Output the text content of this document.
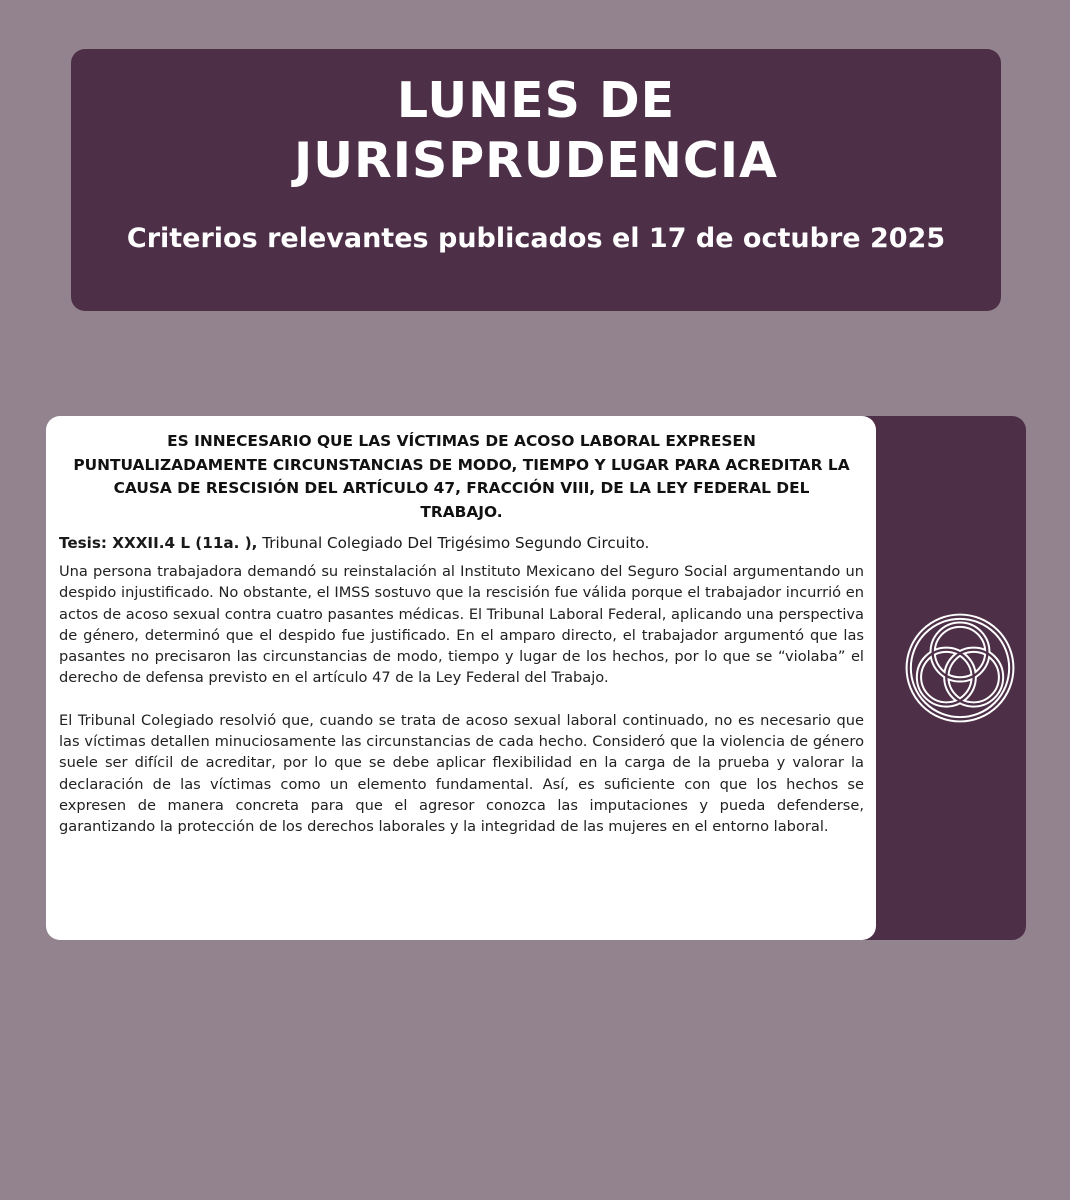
LUNES DE
JURISPRUDENCIA

Criterios relevantes publicados el 17 de octubre 2025

ES INNECESARIO QUE LAS VÍCTIMAS DE ACOSO LABORAL EXPRESEN PUNTUALIZADAMENTE CIRCUNSTANCIAS DE MODO, TIEMPO Y LUGAR PARA ACREDITAR LA CAUSA DE RESCISIÓN DEL ARTÍCULO 47, FRACCIÓN VIII, DE LA LEY FEDERAL DEL TRABAJO.

Tesis: XXXII.4 L (11a. ), Tribunal Colegiado Del Trigésimo Segundo Circuito.

Una persona trabajadora demandó su reinstalación al Instituto Mexicano del Seguro Social argumentando un despido injustificado. No obstante, el IMSS sostuvo que la rescisión fue válida porque el trabajador incurrió en actos de acoso sexual contra cuatro pasantes médicas. El Tribunal Laboral Federal, aplicando una perspectiva de género, determinó que el despido fue justificado. En el amparo directo, el trabajador argumentó que las pasantes no precisaron las circunstancias de modo, tiempo y lugar de los hechos, por lo que se “violaba” el derecho de defensa previsto en el artículo 47 de la Ley Federal del Trabajo.

El Tribunal Colegiado resolvió que, cuando se trata de acoso sexual laboral continuado, no es necesario que las víctimas detallen minuciosamente las circunstancias de cada hecho. Consideró que la violencia de género suele ser difícil de acreditar, por lo que se debe aplicar flexibilidad en la carga de la prueba y valorar la declaración de las víctimas como un elemento fundamental. Así, es suficiente con que los hechos se expresen de manera concreta para que el agresor conozca las imputaciones y pueda defenderse, garantizando la protección de los derechos laborales y la integridad de las mujeres en el entorno laboral.
